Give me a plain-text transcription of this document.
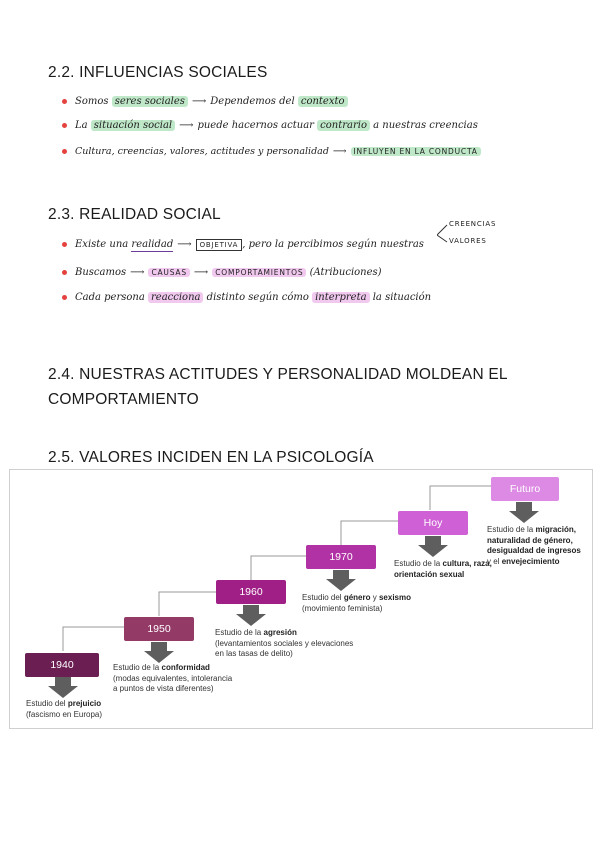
2.2. INFLUENCIAS SOCIALES
2.3. REALIDAD SOCIAL
2.4. NUESTRAS ACTITUDES Y PERSONALIDAD MOLDEAN EL
COMPORTAMIENTO
2.5. VALORES INCIDEN EN LA PSICOLOGÍA
Somos seres sociales ⟶ Dependemos del contexto
La situación social ⟶ puede hacernos actuar contrario a nuestras creencias
Cultura, creencias, valores, actitudes y personalidad ⟶ INFLUYEN EN LA CONDUCTA
Existe una realidad ⟶ OBJETIVA , pero la percibimos según nuestras
CREENCIAS
VALORES
Buscamos ⟶ CAUSAS ⟶ COMPORTAMIENTOS (Atribuciones)
Cada persona reacciona distinto según cómo interpreta la situación
1940
1950
1960
1970
Hoy
Futuro
Estudio del prejuicio
(fascismo en Europa)
Estudio de la conformidad
(modas equivalentes, intolerancia a puntos de vista diferentes)
Estudio de la agresión
(levantamientos sociales y elevaciones en las tasas de delito)
Estudio del género y sexismo
(movimiento feminista)
Estudio de la cultura, raza, orientación sexual
Estudio de la migración, naturalidad de género, desigualdad de ingresos y el envejecimiento
